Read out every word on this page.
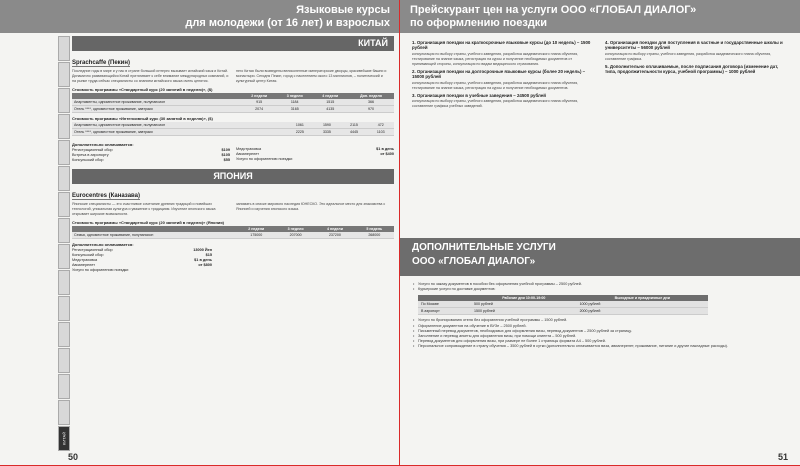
Языковые курсы
для молодежи (от 16 лет) и взрослых
КИТАЙ
КИТАЙ
Sprachcaffe (Пекин)
Последние годы в мире и у нас в стране большой интерес вызывает китайский язык и Китай. Динамично развивающийся Китай притягивает к себе внимание международных компаний, и на рынке труда сейчас специалисты со знанием китайского языка очень ценятся.
него Китая были возведены великолепные императорские дворцы, красивейшие башни и монастыри. Сегодня Пекин, город с населением около 13 миллионов, – политический и культурный центр Китая.
Стоимость программы «Стандартный курс (20 занятий в неделю)», ($)
	2 недели	3 недели	4 недели	Доп. неделя
Апартаменты, одноместное проживание, полупансион	915	1184	1515	366
Отель ****, одноместное проживание, завтраки	2074	3165	4135	970
Стоимость программы «Интенсивный курс (30 занятий в неделю)», ($)
Апартаменты, одноместное проживание, полупансион	1061	1590	2115	472
Отель ****, одноместное проживание, завтраки	2225	3335	4445	1103
Дополнительно оплачивается:
Регистрационный сбор	$109
Встреча в аэропорту	$105
Консульский сбор	$55
Медстраховка	$1 в день
Авиаперелет	от $400
Услуги по оформлению поездки
ЯПОНИЯ
Eurocentres (Каназава)
Японские специалисты — это счастливое сочетание древних традиций и новейших технологий, уникальная культура и уважение к традициям. Изучение японского языка открывает широкие возможности.
занимать в списке мирового наследия ЮНЕСКО. Это идеальное место для знакомства с Японией и изучения японского языка.
Стоимость программы «Стандартный курс (20 занятий в неделю)» (Япония)
	2 недели	3 недели	4 недели	5 недель
Семья, одноместное проживание, полупансион	175000	207000	237200	268000
Дополнительно оплачивается:
Регистрационный сбор	13000 Йен
Консульский сбор	$15
Медстраховка	$1 в день
Авиаперелет	от $800
Услуги по оформлению поездки
50
Прейскурант цен на услуги ООО «ГЛОБАЛ ДИАЛОГ»
по оформлению поездки
1. Организация поездки на краткосрочные языковые курсы (до 10 недель) – 1500 рублей
консультация по выбору страны, учебного заведения, разработка академического плана обучения, тестирование на знание языка, регистрация на курсы и получение необходимых документов от принимающей стороны, консультация по видам медицинского страхования.
2. Организация поездки на долгосрочные языковые курсы (более 20 недель) – 15000 рублей
консультация по выбору страны, учебного заведения, разработка академического плана обучения, тестирование на знание языка, регистрация на курсы и получение необходимых документов.
3. Организация поездки в учебные заведения – 24500 рублей
консультация по выбору страны, учебного заведения, разработка академического плана обучения, составление графика учебных заведений.
4. Организация поездки для поступления в частные и государственные школы и университеты – 56000 рублей
консультация по выбору страны, учебного заведения, разработка академического плана обучения, составление графика.
5. Дополнительно оплачиваемые, после подписания договора (изменение дат, типа, продолжительности курса, учебной программы) – 1000 рублей
ДОПОЛНИТЕЛЬНЫЕ УСЛУГИ
ООО «ГЛОБАЛ ДИАЛОГ»
• Услуги по заказу документов в пособии без оформления учебной программы – 2500 рублей.
• Курьерские услуги по доставке документов:
	Рабочие дни 10:00-19:00	Выходные и праздничные дни
По Москве	500 рублей	1000 рублей
В аэропорт	1500 рублей	2000 рублей
• Услуги по бронированию отеля без оформления учебной программы – 1500 рублей.
• Оформление документов на обучение в ВУЗе – 2500 рублей.
• Письменный перевод документов, необходимых для оформления визы, перевод документов – 2500 рублей за страницу.
• Заполнение и перевод анкеты для оформления визы, при помощи клиента – 500 рублей.
• Перевод документов для оформления визы, при размере не более 1 страницы формата А4 – 500 рублей.
• Персональное сопровождение в страну обучения – 3500 рублей в сутки (дополнительно оплачивается виза, авиаперелет, проживание, питание и другие накладные расходы).
51
